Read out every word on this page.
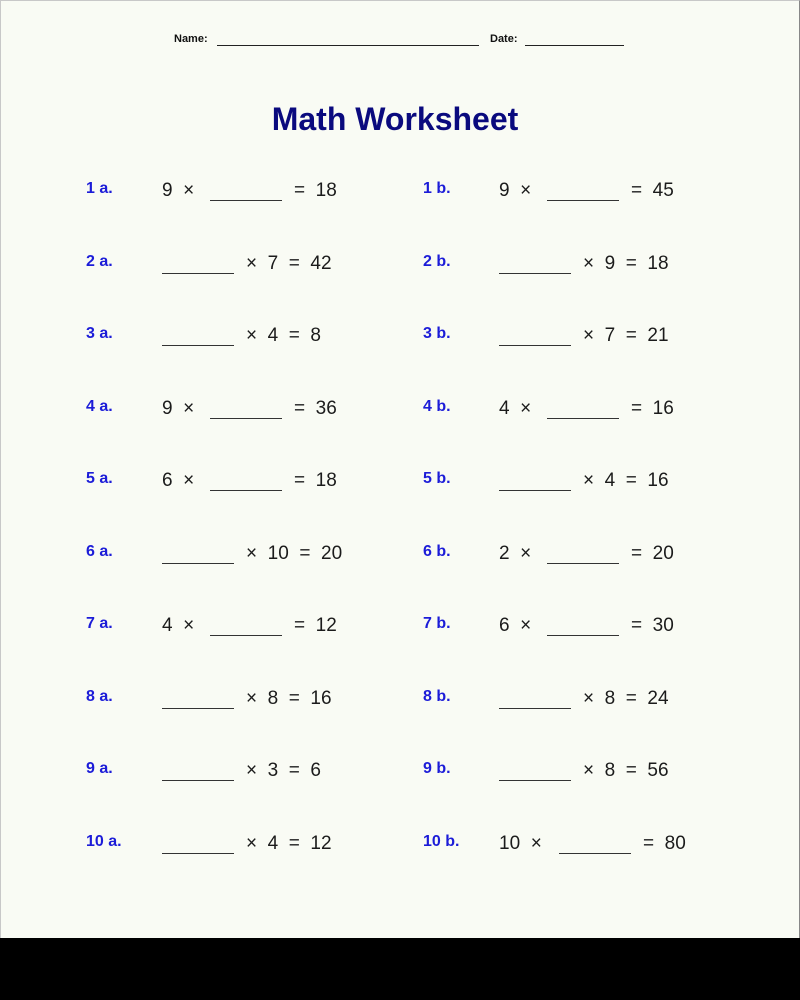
Name:	Date:
Math Worksheet
1 a.	9  ×	=  18	1 b.	9  ×	=  45
2 a.	×  7  =  42	2 b.	×  9  =  18
3 a.	×  4  =  8	3 b.	×  7  =  21
4 a.	9  ×	=  36	4 b.	4  ×	=  16
5 a.	6  ×	=  18	5 b.	×  4  =  16
6 a.	×  10  =  20	6 b.	2  ×	=  20
7 a.	4  ×	=  12	7 b.	6  ×	=  30
8 a.	×  8  =  16	8 b.	×  8  =  24
9 a.	×  3  =  6	9 b.	×  8  =  56
10 a.	×  4  =  12	10 b. 10  ×	=  80
